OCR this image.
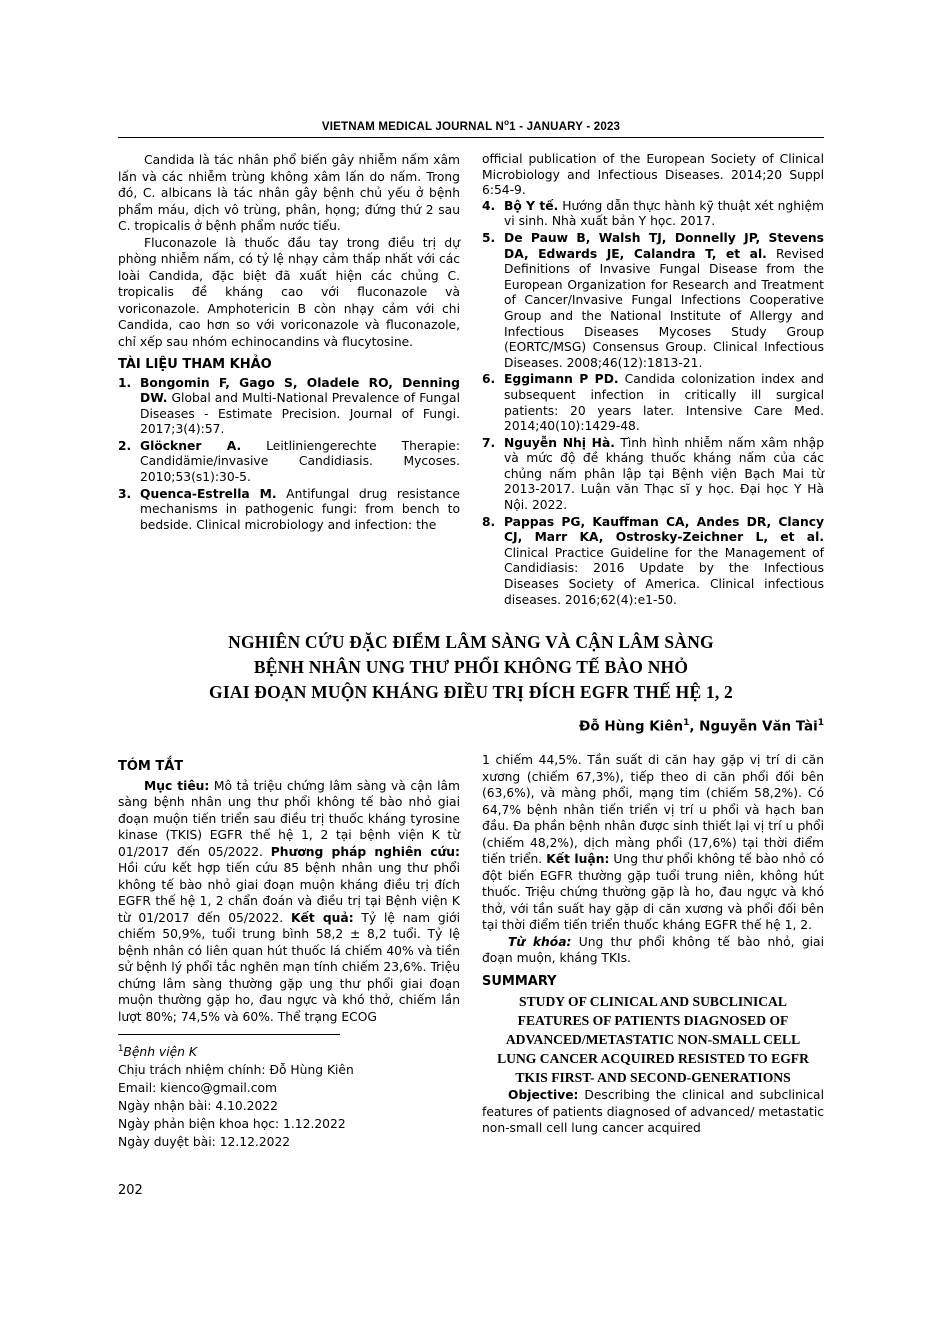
VIETNAM MEDICAL JOURNAL $N^o1$ - JANUARY - 2023

Candida là tác nhân phổ biến gây nhiễm nấm xâm lấn và các nhiễm trùng không xâm lấn do nấm. Trong đó, C. albicans là tác nhân gây bệnh chủ yếu ở bệnh phẩm máu, dịch vô trùng, phân, họng; đứng thứ 2 sau C. tropicalis ở bệnh phẩm nước tiểu.

Fluconazole là thuốc đầu tay trong điều trị dự phòng nhiễm nấm, có tỷ lệ nhạy cảm thấp nhất với các loài Candida, đặc biệt đã xuất hiện các chủng C. tropicalis đề kháng cao với fluconazole và voriconazole. Amphotericin B còn nhạy cảm với chi Candida, cao hơn so với voriconazole và fluconazole, chỉ xếp sau nhóm echinocandins và flucytosine.

TÀI LIỆU THAM KHẢO
1. Bongomin F, Gago S, Oladele RO, Denning DW. Global and Multi-National Prevalence of Fungal Diseases - Estimate Precision. Journal of Fungi. 2017;3(4):57.
2. Glöckner A. Leitliniengerechte Therapie: Candidämie/invasive Candidiasis. Mycoses. 2010;53(s1):30-5.
3. Quenca-Estrella M. Antifungal drug resistance mechanisms in pathogenic fungi: from bench to bedside. Clinical microbiology and infection: the
official publication of the European Society of Clinical Microbiology and Infectious Diseases. 2014;20 Suppl 6:54-9.
4. Bộ Y tế. Hướng dẫn thực hành kỹ thuật xét nghiệm vi sinh. Nhà xuất bản Y học. 2017.
5. De Pauw B, Walsh TJ, Donnelly JP, Stevens DA, Edwards JE, Calandra T, et al. Revised Definitions of Invasive Fungal Disease from the European Organization for Research and Treatment of Cancer/Invasive Fungal Infections Cooperative Group and the National Institute of Allergy and Infectious Diseases Mycoses Study Group (EORTC/MSG) Consensus Group. Clinical Infectious Diseases. 2008;46(12):1813-21.
6. Eggimann P PD. Candida colonization index and subsequent infection in critically ill surgical patients: 20 years later. Intensive Care Med. 2014;40(10):1429-48.
7. Nguyễn Nhị Hà. Tình hình nhiễm nấm xâm nhập và mức độ đề kháng thuốc kháng nấm của các chủng nấm phân lập tại Bệnh viện Bạch Mai từ 2013-2017. Luận văn Thạc sĩ y học. Đại học Y Hà Nội. 2022.
8. Pappas PG, Kauffman CA, Andes DR, Clancy CJ, Marr KA, Ostrosky-Zeichner L, et al. Clinical Practice Guideline for the Management of Candidiasis: 2016 Update by the Infectious Diseases Society of America. Clinical infectious diseases. 2016;62(4):e1-50.
NGHIÊN CỨU ĐẶC ĐIỂM LÂM SÀNG VÀ CẬN LÂM SÀNG
BỆNH NHÂN UNG THƯ PHỔI KHÔNG TẾ BÀO NHỎ
GIAI ĐOẠN MUỘN KHÁNG ĐIỀU TRỊ ĐÍCH EGFR THẾ HỆ 1, 2
Đỗ Hùng Kiên$^1$, Nguyễn Văn Tài$^1$
TÓM TẮT

Mục tiêu: Mô tả triệu chứng lâm sàng và cận lâm sàng bệnh nhân ung thư phổi không tế bào nhỏ giai đoạn muộn tiến triển sau điều trị thuốc kháng tyrosine kinase (TKIS) EGFR thế hệ 1, 2 tại bệnh viện K từ 01/2017 đến 05/2022. Phương pháp nghiên cứu: Hồi cứu kết hợp tiến cứu 85 bệnh nhân ung thư phổi không tế bào nhỏ giai đoạn muộn kháng điều trị đích EGFR thế hệ 1, 2 chẩn đoán và điều trị tại Bệnh viện K từ 01/2017 đến 05/2022. Kết quả: Tỷ lệ nam giới chiếm 50,9%, tuổi trung bình 58,2 ± 8,2 tuổi. Tỷ lệ bệnh nhân có liên quan hút thuốc lá chiếm 40% và tiền sử bệnh lý phổi tắc nghẽn mạn tính chiếm 23,6%. Triệu chứng lâm sàng thường gặp ung thư phổi giai đoạn muộn thường gặp ho, đau ngực và khó thở, chiếm lần lượt 80%; 74,5% và 60%. Thể trạng ECOG

1 chiếm 44,5%. Tần suất di căn hay gặp vị trí di căn xương (chiếm 67,3%), tiếp theo di căn phổi đối bên (63,6%), và màng phổi, mạng tim (chiếm 58,2%). Có 64,7% bệnh nhân tiến triển vị trí u phổi và hạch ban đầu. Đa phần bệnh nhân được sinh thiết lại vị trí u phổi (chiếm 48,2%), dịch màng phổi (17,6%) tại thời điểm tiến triển. Kết luận: Ung thư phổi không tế bào nhỏ có đột biến EGFR thường gặp tuổi trung niên, không hút thuốc. Triệu chứng thường gặp là ho, đau ngực và khó thở, với tần suất hay gặp di căn xương và phổi đối bên tại thời điểm tiến triển thuốc kháng EGFR thế hệ 1, 2.

Từ khóa: Ung thư phổi không tế bào nhỏ, giai đoạn muộn, kháng TKIs.

SUMMARY
STUDY OF CLINICAL AND SUBCLINICAL
FEATURES OF PATIENTS DIAGNOSED OF
ADVANCED/METASTATIC NON-SMALL CELL
LUNG CANCER ACQUIRED RESISTED TO EGFR
TKIS FIRST- AND SECOND-GENERATIONS

Objective: Describing the clinical and subclinical features of patients diagnosed of advanced/ metastatic non-small cell lung cancer acquired

$^1$Bệnh viện K
Chịu trách nhiệm chính: Đỗ Hùng Kiên
Email: kienco@gmail.com
Ngày nhận bài: 4.10.2022
Ngày phản biện khoa học: 1.12.2022
Ngày duyệt bài: 12.12.2022
202
